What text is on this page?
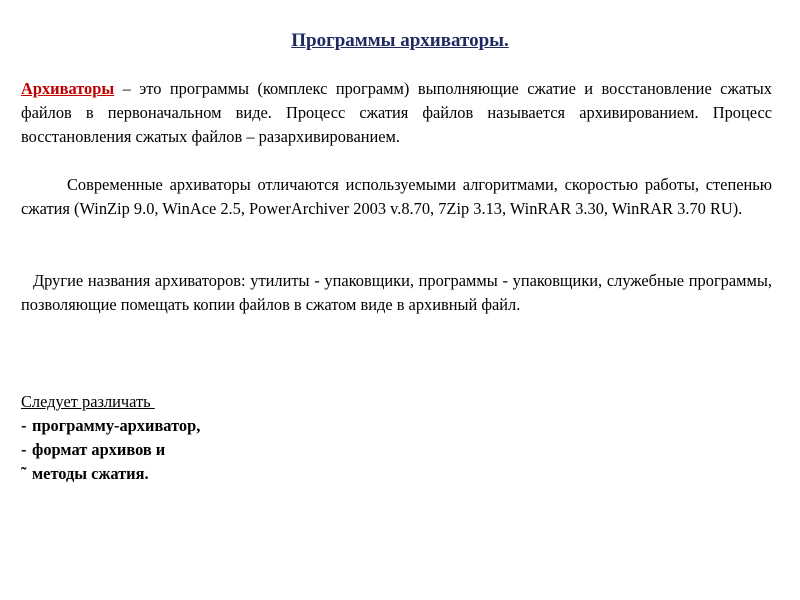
Программы архиваторы.
Архиваторы – это программы (комплекс программ) выполняющие сжатие и восстановление сжатых файлов в первоначальном виде. Процесс сжатия файлов называется архивированием. Процесс восстановления сжатых файлов – разархивированием.
Современные архиваторы отличаются используемыми алгоритмами, скоростью работы, степенью сжатия (WinZip 9.0, WinAce 2.5, PowerArchiver 2003 v.8.70, 7Zip 3.13, WinRAR 3.30, WinRAR 3.70 RU).
Другие названия архиваторов: утилиты - упаковщики, программы - упаковщики, служебные программы, позволяющие помещать копии файлов в сжатом виде в архивный файл.
Следует различать
- программу-архиватор,
- формат архивов и
˜ методы сжатия.
